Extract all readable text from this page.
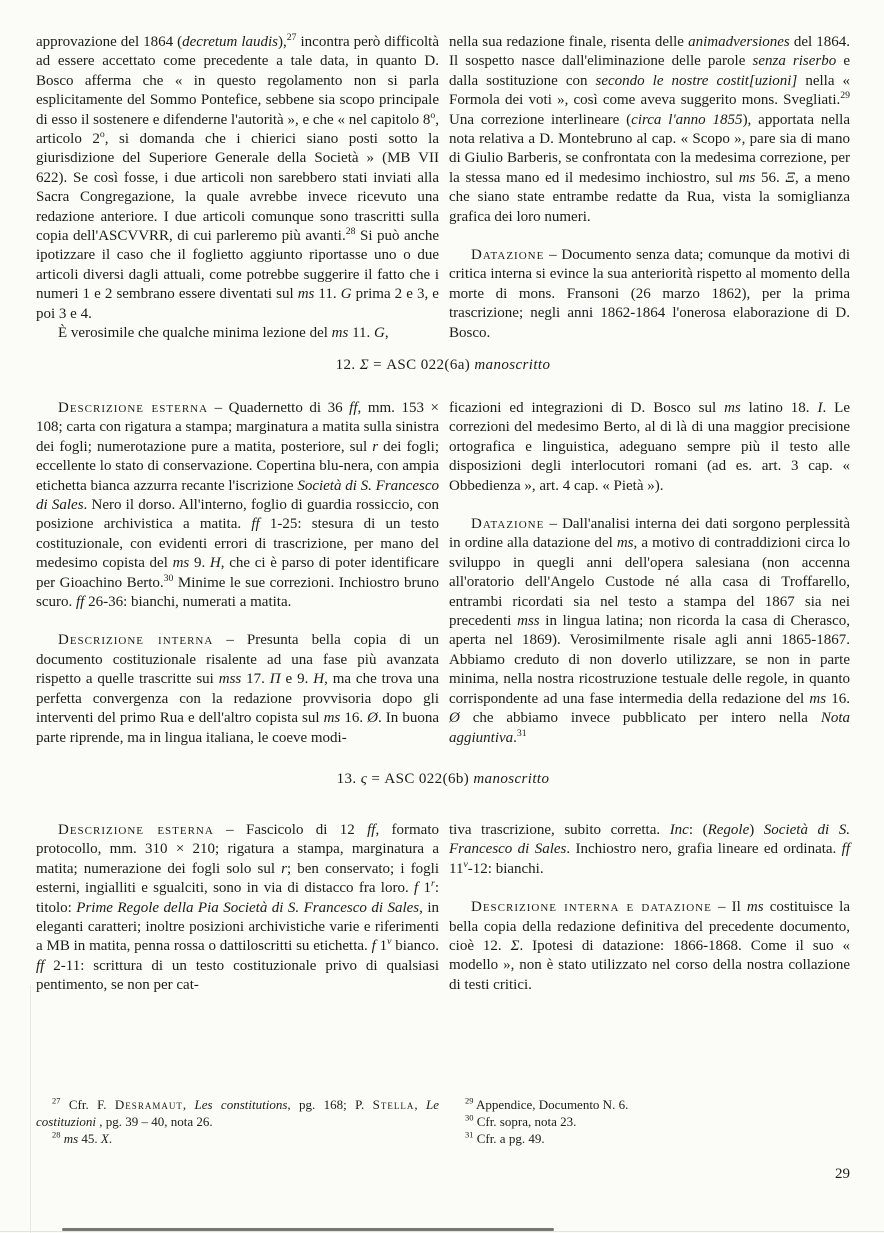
approvazione del 1864 (decretum laudis),$^{27}$ incontra però difficoltà ad essere accettato come precedente a tale data, in quanto D. Bosco afferma che « in questo regolamento non si parla esplicitamente del Sommo Pontefice, sebbene sia scopo principale di esso il sostenere e difenderne l'autorità », e che « nel capitolo 8$^o$, articolo 2$^o$, si domanda che i chierici siano posti sotto la giurisdizione del Superiore Generale della Società » (MB VII 622). Se così fosse, i due articoli non sarebbero stati inviati alla Sacra Congregazione, la quale avrebbe invece ricevuto una redazione anteriore. I due articoli comunque sono trascritti sulla copia dell'ASCVVRR, di cui parleremo più avanti.$^{28}$ Si può anche ipotizzare il caso che il foglietto aggiunto riportasse uno o due articoli diversi dagli attuali, come potrebbe suggerire il fatto che i numeri 1 e 2 sembrano essere diventati sul ms 11. G prima 2 e 3, e poi 3 e 4.

È verosimile che qualche minima lezione del ms 11. G,

nella sua redazione finale, risenta delle animadversiones del 1864. Il sospetto nasce dall'eliminazione delle parole senza riserbo e dalla sostituzione con secondo le nostre costit[uzioni] nella « Formola dei voti », così come aveva suggerito mons. Svegliati.$^{29}$ Una correzione interlineare (circa l'anno 1855), apportata nella nota relativa a D. Montebruno al cap. « Scopo », pare sia di mano di Giulio Barberis, se confrontata con la medesima correzione, per la stessa mano ed il medesimo inchiostro, sul ms 56. Ξ, a meno che siano state entrambe redatte da Rua, vista la somiglianza grafica dei loro numeri.

Datazione – Documento senza data; comunque da motivi di critica interna si evince la sua anteriorità rispetto al momento della morte di mons. Fransoni (26 marzo 1862), per la prima trascrizione; negli anni 1862-1864 l'onerosa elaborazione di D. Bosco.

12. Σ = ASC 022(6a) manoscritto

Descrizione esterna – Quadernetto di 36 ff, mm. 153 × 108; carta con rigatura a stampa; marginatura a matita sulla sinistra dei fogli; numerotazione pure a matita, posteriore, sul r dei fogli; eccellente lo stato di conservazione. Copertina blu-nera, con ampia etichetta bianca azzurra recante l'iscrizione Società di S. Francesco di Sales. Nero il dorso. All'interno, foglio di guardia rossiccio, con posizione archivistica a matita. ff 1-25: stesura di un testo costituzionale, con evidenti errori di trascrizione, per mano del medesimo copista del ms 9. H, che ci è parso di poter identificare per Gioachino Berto.$^{30}$ Minime le sue correzioni. Inchiostro bruno scuro. ff 26-36: bianchi, numerati a matita.

Descrizione interna – Presunta bella copia di un documento costituzionale risalente ad una fase più avanzata rispetto a quelle trascritte sui mss 17. Π e 9. H, ma che trova una perfetta convergenza con la redazione provvisoria dopo gli interventi del primo Rua e dell'altro copista sul ms 16. Ø. In buona parte riprende, ma in lingua italiana, le coeve modi-

ficazioni ed integrazioni di D. Bosco sul ms latino 18. I. Le correzioni del medesimo Berto, al di là di una maggior precisione ortografica e linguistica, adeguano sempre più il testo alle disposizioni degli interlocutori romani (ad es. art. 3 cap. « Obbedienza », art. 4 cap. « Pietà »).

Datazione – Dall'analisi interna dei dati sorgono perplessità in ordine alla datazione del ms, a motivo di contraddizioni circa lo sviluppo in quegli anni dell'opera salesiana (non accenna all'oratorio dell'Angelo Custode né alla casa di Troffarello, entrambi ricordati sia nel testo a stampa del 1867 sia nei precedenti mss in lingua latina; non ricorda la casa di Cherasco, aperta nel 1869). Verosimilmente risale agli anni 1865-1867. Abbiamo creduto di non doverlo utilizzare, se non in parte minima, nella nostra ricostruzione testuale delle regole, in quanto corrispondente ad una fase intermedia della redazione del ms 16. Ø che abbiamo invece pubblicato per intero nella Nota aggiuntiva.$^{31}$

13. ς = ASC 022(6b) manoscritto

Descrizione esterna – Fascicolo di 12 ff, formato protocollo, mm. 310 × 210; rigatura a stampa, marginatura a matita; numerazione dei fogli solo sul r; ben conservato; i fogli esterni, ingialliti e sgualciti, sono in via di distacco fra loro. f 1$^r$: titolo: Prime Regole della Pia Società di S. Francesco di Sales, in eleganti caratteri; inoltre posizioni archivistiche varie e riferimenti a MB in matita, penna rossa o dattiloscritti su etichetta. f 1$^v$ bianco. ff 2-11: scrittura di un testo costituzionale privo di qualsiasi pentimento, se non per cat-

tiva trascrizione, subito corretta. Inc: (Regole) Società di S. Francesco di Sales. Inchiostro nero, grafia lineare ed ordinata. ff 11$^v$-12: bianchi.

Descrizione interna e datazione – Il ms costituisce la bella copia della redazione definitiva del precedente documento, cioè 12. Σ. Ipotesi di datazione: 1866-1868. Come il suo « modello », non è stato utilizzato nel corso della nostra collazione di testi critici.

$^{27}$ Cfr. F. Desramaut, Les constitutions, pg. 168; P. Stella, Le costituzioni , pg. 39 – 40, nota 26.

$^{28}$ ms 45. X.

$^{29}$ Appendice, Documento N. 6.

$^{30}$ Cfr. sopra, nota 23.

$^{31}$ Cfr. a pg. 49.

29
